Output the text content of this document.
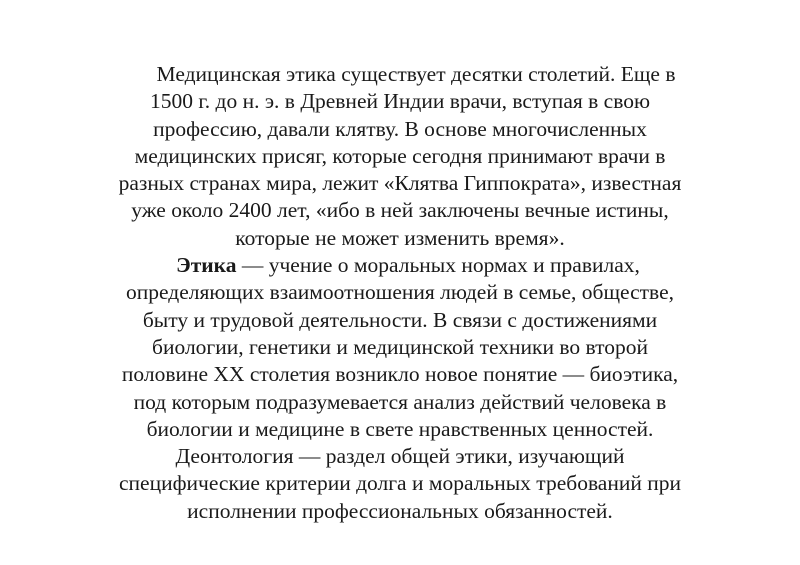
Медицинская этика существует десятки столетий. Еще в
1500 г. до н. э. в Древней Индии врачи, вступая в свою
профессию, давали клятву. В основе многочисленных
медицинских присяг, которые сегодня принимают врачи в
разных странах мира, лежит «Клятва Гиппократа», известная
уже около 2400 лет, «ибо в ней заключены вечные истины,
которые не может изменить время».
Этика — учение о моральных нормах и правилах,
определяющих взаимоотношения людей в семье, обществе,
быту и трудовой деятельности. В связи с достижениями
биологии, генетики и медицинской техники во второй
половине XX столетия возникло новое понятие — биоэтика,
под которым подразумевается анализ действий человека в
биологии и медицине в свете нравственных ценностей.
Деонтология — раздел общей этики, изучающий
специфические критерии долга и моральных требований при
исполнении профессиональных обязанностей.
